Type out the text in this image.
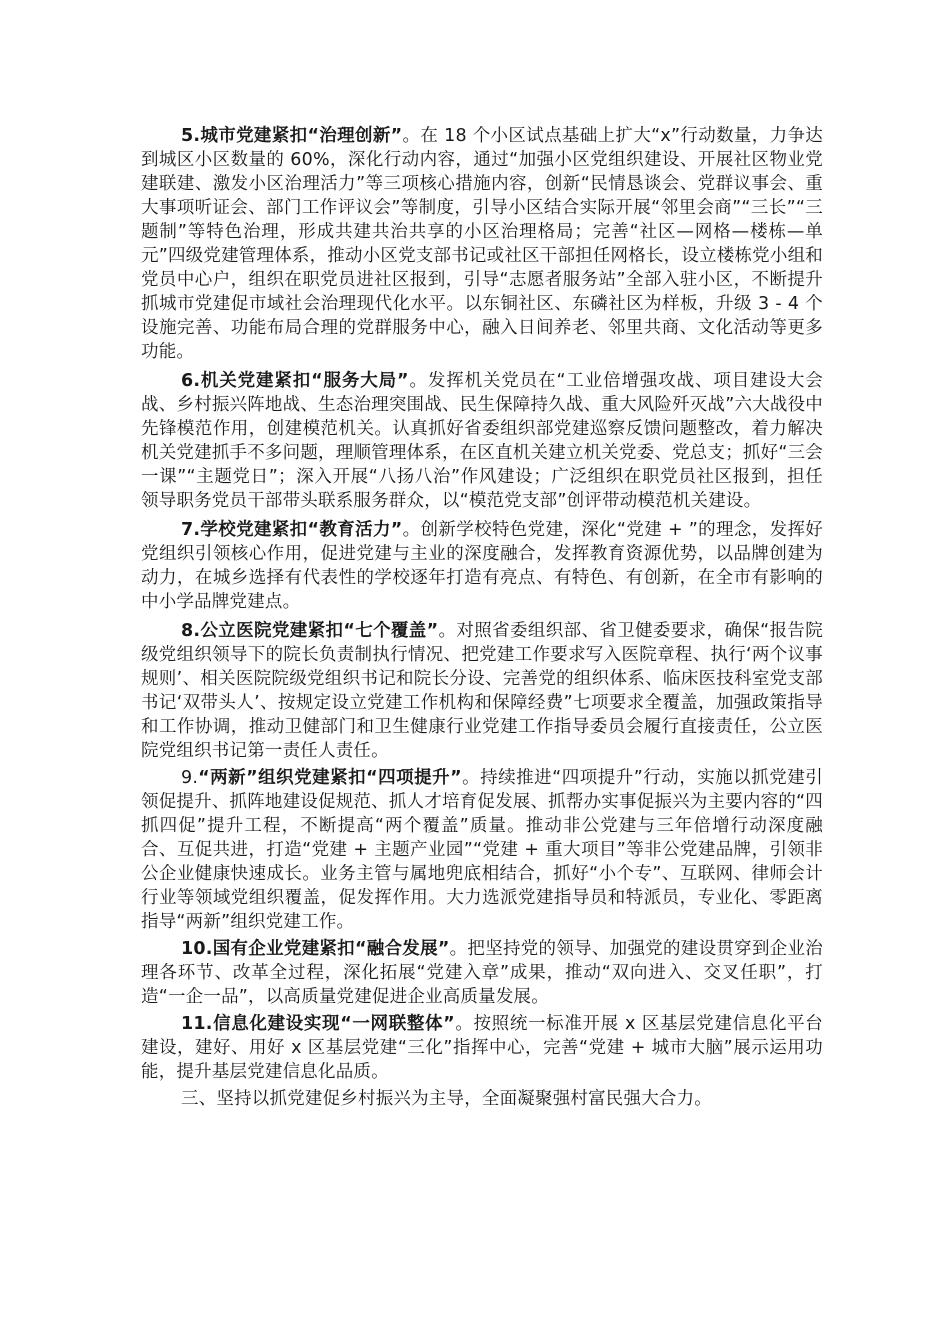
5.城市党建紧扣“治理创新”。在 18 个小区试点基础上扩大“x”行动数量，力争达到城区小区数量的 60%，深化行动内容，通过“加强小区党组织建设、开展社区物业党建联建、激发小区治理活力”等三项核心措施内容，创新“民情恳谈会、党群议事会、重大事项听证会、部门工作评议会”等制度，引导小区结合实际开展“邻里会商”“三长”“三题制”等特色治理，形成共建共治共享的小区治理格局；完善“社区—网格—楼栋—单元”四级党建管理体系，推动小区党支部书记或社区干部担任网格长，设立楼栋党小组和党员中心户，组织在职党员进社区报到，引导“志愿者服务站”全部入驻小区，不断提升抓城市党建促市域社会治理现代化水平。以东铜社区、东磷社区为样板，升级 3 - 4 个设施完善、功能布局合理的党群服务中心，融入日间养老、邻里共商、文化活动等更多功能。

6.机关党建紧扣“服务大局”。发挥机关党员在“工业倍增强攻战、项目建设大会战、乡村振兴阵地战、生态治理突围战、民生保障持久战、重大风险歼灭战”六大战役中先锋模范作用，创建模范机关。认真抓好省委组织部党建巡察反馈问题整改，着力解决机关党建抓手不多问题，理顺管理体系，在区直机关建立机关党委、党总支；抓好“三会一课”“主题党日”；深入开展“八扬八治”作风建设；广泛组织在职党员社区报到，担任领导职务党员干部带头联系服务群众，以“模范党支部”创评带动模范机关建设。

7.学校党建紧扣“教育活力”。创新学校特色党建，深化“党建 + ”的理念，发挥好党组织引领核心作用，促进党建与主业的深度融合，发挥教育资源优势，以品牌创建为动力，在城乡选择有代表性的学校逐年打造有亮点、有特色、有创新，在全市有影响的中小学品牌党建点。

8.公立医院党建紧扣“七个覆盖”。对照省委组织部、省卫健委要求，确保“报告院级党组织领导下的院长负责制执行情况、把党建工作要求写入医院章程、执行‘两个议事规则’、相关医院院级党组织书记和院长分设、完善党的组织体系、临床医技科室党支部书记‘双带头人’、按规定设立党建工作机构和保障经费”七项要求全覆盖，加强政策指导和工作协调，推动卫健部门和卫生健康行业党建工作指导委员会履行直接责任，公立医院党组织书记第一责任人责任。

9.“两新”组织党建紧扣“四项提升”。持续推进“四项提升”行动，实施以抓党建引领促提升、抓阵地建设促规范、抓人才培育促发展、抓帮办实事促振兴为主要内容的“四抓四促”提升工程，不断提高“两个覆盖”质量。推动非公党建与三年倍增行动深度融合、互促共进，打造“党建 + 主题产业园”“党建 + 重大项目”等非公党建品牌，引领非公企业健康快速成长。业务主管与属地兜底相结合，抓好“小个专”、互联网、律师会计行业等领域党组织覆盖，促发挥作用。大力选派党建指导员和特派员，专业化、零距离指导“两新”组织党建工作。

10.国有企业党建紧扣“融合发展”。把坚持党的领导、加强党的建设贯穿到企业治理各环节、改革全过程，深化拓展“党建入章”成果，推动“双向进入、交叉任职”，打造“一企一品”，以高质量党建促进企业高质量发展。

11.信息化建设实现“一网联整体”。按照统一标准开展 x 区基层党建信息化平台建设，建好、用好 x 区基层党建“三化”指挥中心，完善“党建 + 城市大脑”展示运用功能，提升基层党建信息化品质。

三、坚持以抓党建促乡村振兴为主导，全面凝聚强村富民强大合力。
